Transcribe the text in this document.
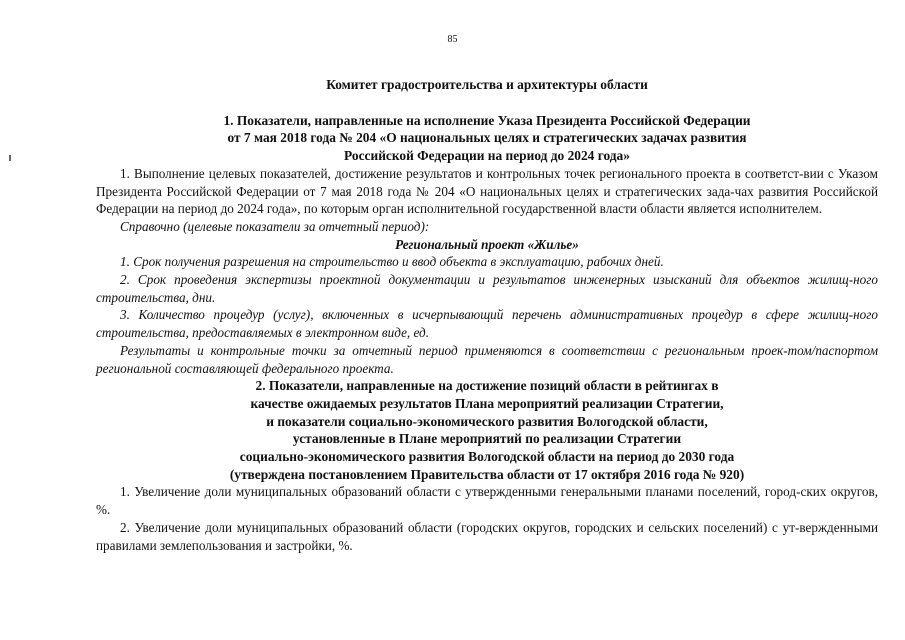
85

Комитет градостроительства и архитектуры области

1. Показатели, направленные на исполнение Указа Президента Российской Федерации

от 7 мая 2018 года № 204 «О национальных целях и стратегических задачах развития

Российской Федерации на период до 2024 года»

1. Выполнение целевых показателей, достижение результатов и контрольных точек регионального проекта в соответст-вии с Указом Президента Российской Федерации от 7 мая 2018 года № 204 «О национальных целях и стратегических зада-чах развития Российской Федерации на период до 2024 года», по которым орган исполнительной государственной власти области является исполнителем.

Справочно (целевые показатели за отчетный период):

Региональный проект «Жилье»

1. Срок получения разрешения на строительство и ввод объекта в эксплуатацию, рабочих дней.

2. Срок проведения экспертизы проектной документации и результатов инженерных изысканий для объектов жилищ-ного строительства, дни.

3. Количество процедур (услуг), включенных в исчерпывающий перечень административных процедур в сфере жилищ-ного строительства, предоставляемых в электронном виде, ед.

Результаты и контрольные точки за отчетный период применяются в соответствии с региональным проек-том/паспортом региональной составляющей федерального проекта.

2. Показатели, направленные на достижение позиций области в рейтингах в

качестве ожидаемых результатов Плана мероприятий реализации Стратегии,

и показатели социально-экономического развития Вологодской области,

установленные в Плане мероприятий по реализации Стратегии

социально-экономического развития Вологодской области на период до 2030 года

(утверждена постановлением Правительства области от 17 октября 2016 года № 920)

1. Увеличение доли муниципальных образований области с утвержденными генеральными планами поселений, город-ских округов, %.

2. Увеличение доли муниципальных образований области (городских округов, городских и сельских поселений) с ут-вержденными правилами землепользования и застройки, %.
